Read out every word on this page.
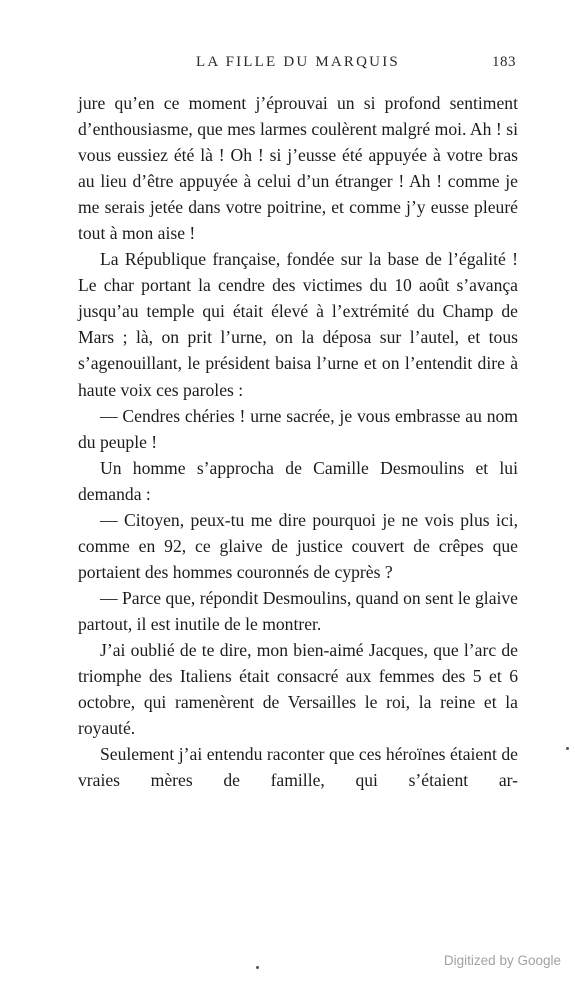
LA FILLE DU MARQUIS	183

jure qu’en ce moment j’éprouvai un si profond sentiment d’enthousiasme, que mes larmes coulèrent malgré moi. Ah ! si vous eussiez été là ! Oh ! si j’eusse été appuyée à votre bras au lieu d’être appuyée à celui d’un étranger ! Ah ! comme je me serais jetée dans votre poitrine, et comme j’y eusse pleuré tout à mon aise !

La République française, fondée sur la base de l’égalité ! Le char portant la cendre des victimes du 10 août s’avança jusqu’au temple qui était élevé à l’extrémité du Champ de Mars ; là, on prit l’urne, on la déposa sur l’autel, et tous s’agenouillant, le président baisa l’urne et on l’entendit dire à haute voix ces paroles :

— Cendres chéries ! urne sacrée, je vous embrasse au nom du peuple !

Un homme s’approcha de Camille Desmoulins et lui demanda :

— Citoyen, peux-tu me dire pourquoi je ne vois plus ici, comme en 92, ce glaive de justice couvert de crêpes que portaient des hommes couronnés de cyprès ?

— Parce que, répondit Desmoulins, quand on sent le glaive partout, il est inutile de le montrer.

J’ai oublié de te dire, mon bien-aimé Jacques, que l’arc de triomphe des Italiens était consacré aux femmes des 5 et 6 octobre, qui ramenèrent de Versailles le roi, la reine et la royauté.

Seulement j’ai entendu raconter que ces héroïnes étaient de vraies mères de famille, qui s’étaient ar-

Digitized by Google
